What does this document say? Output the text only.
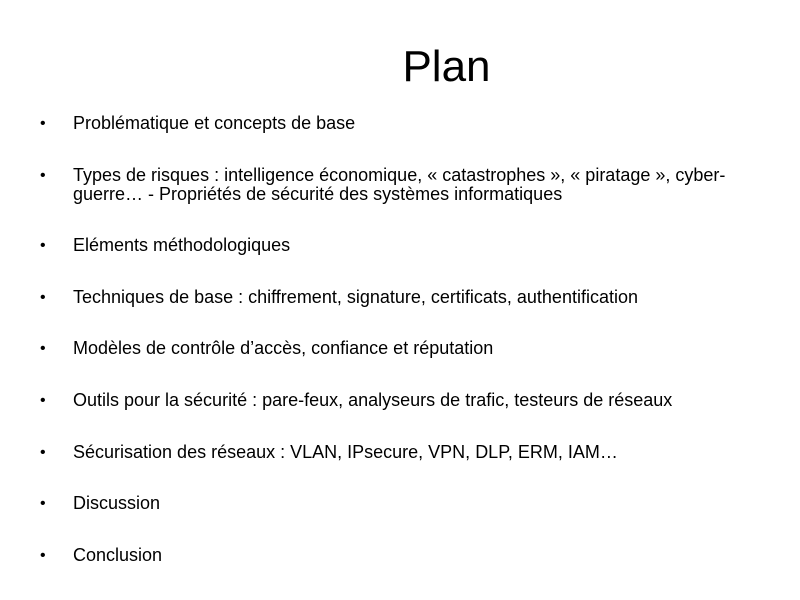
Plan
•	Problématique et concepts de base
•	Types de risques : intelligence économique, « catastrophes », « piratage », cyber-guerre… - Propriétés de sécurité des systèmes informatiques
•	Eléments méthodologiques
•	Techniques de base : chiffrement, signature, certificats, authentification
•	Modèles de contrôle d’accès, confiance et réputation
•	Outils pour la sécurité : pare-feux, analyseurs de trafic, testeurs de réseaux
•	Sécurisation des réseaux : VLAN, IPsecure, VPN, DLP, ERM, IAM…
•	Discussion
•	Conclusion
